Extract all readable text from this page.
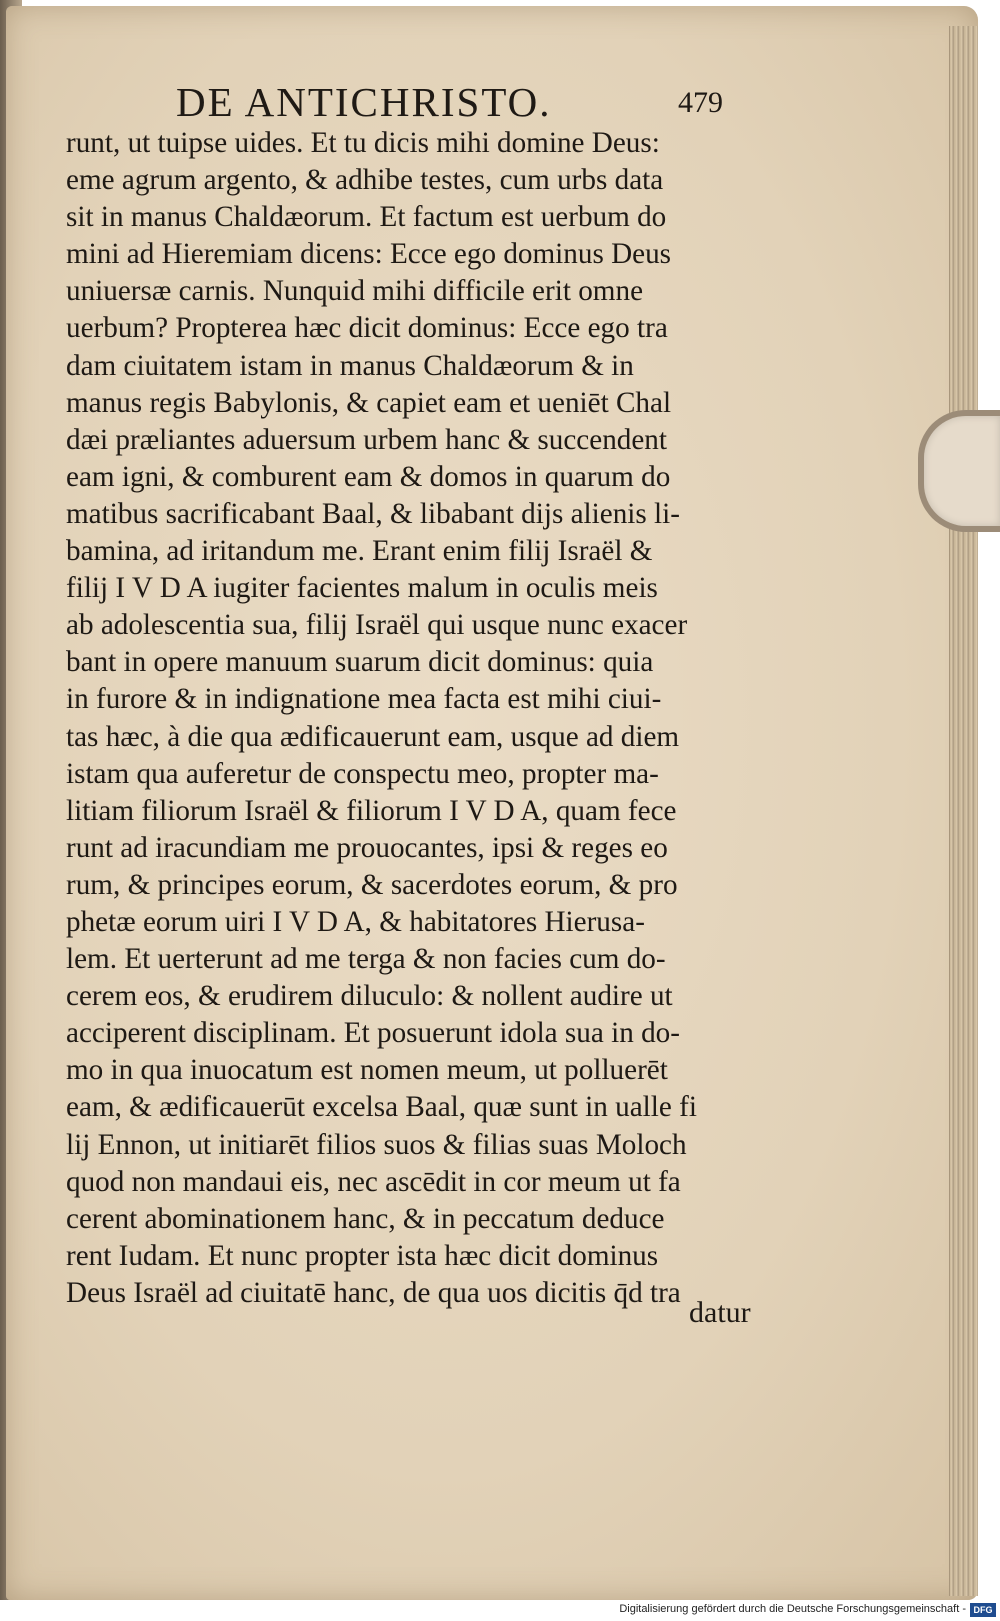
DE ANTICHRISTO.	479
runt, ut tuipse uides. Et tu dicis mihi domine Deus:
eme agrum argento, & adhibe testes, cum urbs data
sit in manus Chaldæorum. Et factum est uerbum do
mini ad Hieremiam dicens: Ecce ego dominus Deus
uniuersæ carnis. Nunquid mihi difficile erit omne
uerbum? Propterea hæc dicit dominus: Ecce ego tra
dam ciuitatem istam in manus Chaldæorum & in
manus regis Babylonis, & capiet eam et ueniēt Chal
dæi præliantes aduersum urbem hanc & succendent
eam igni, & comburent eam & domos in quarum do
matibus sacrificabant Baal, & libabant dijs alienis li-
bamina, ad iritandum me. Erant enim filij Israël &
filij I V D A iugiter facientes malum in oculis meis
ab adolescentia sua, filij Israël qui usque nunc exacer
bant in opere manuum suarum dicit dominus: quia
in furore & in indignatione mea facta est mihi ciui-
tas hæc, à die qua ædificauerunt eam, usque ad diem
istam qua auferetur de conspectu meo, propter ma-
litiam filiorum Israël & filiorum I V D A, quam fece
runt ad iracundiam me prouocantes, ipsi & reges eo
rum, & principes eorum, & sacerdotes eorum, & pro
phetæ eorum uiri I V D A, & habitatores Hierusa-
lem. Et uerterunt ad me terga & non facies cum do-
cerem eos, & erudirem diluculo: & nollent audire ut
acciperent disciplinam. Et posuerunt idola sua in do-
mo in qua inuocatum est nomen meum, ut polluerēt
eam, & ædificauerūt excelsa Baal, quæ sunt in ualle fi
lij Ennon, ut initiarēt filios suos & filias suas Moloch
quod non mandaui eis, nec ascēdit in cor meum ut fa
cerent abominationem hanc, & in peccatum deduce
rent Iudam. Et nunc propter ista hæc dicit dominus
Deus Israël ad ciuitatē hanc, de qua uos dicitis q̄d tra
datur
Digitalisierung gefördert durch die Deutsche Forschungsgemeinschaft - DFG
